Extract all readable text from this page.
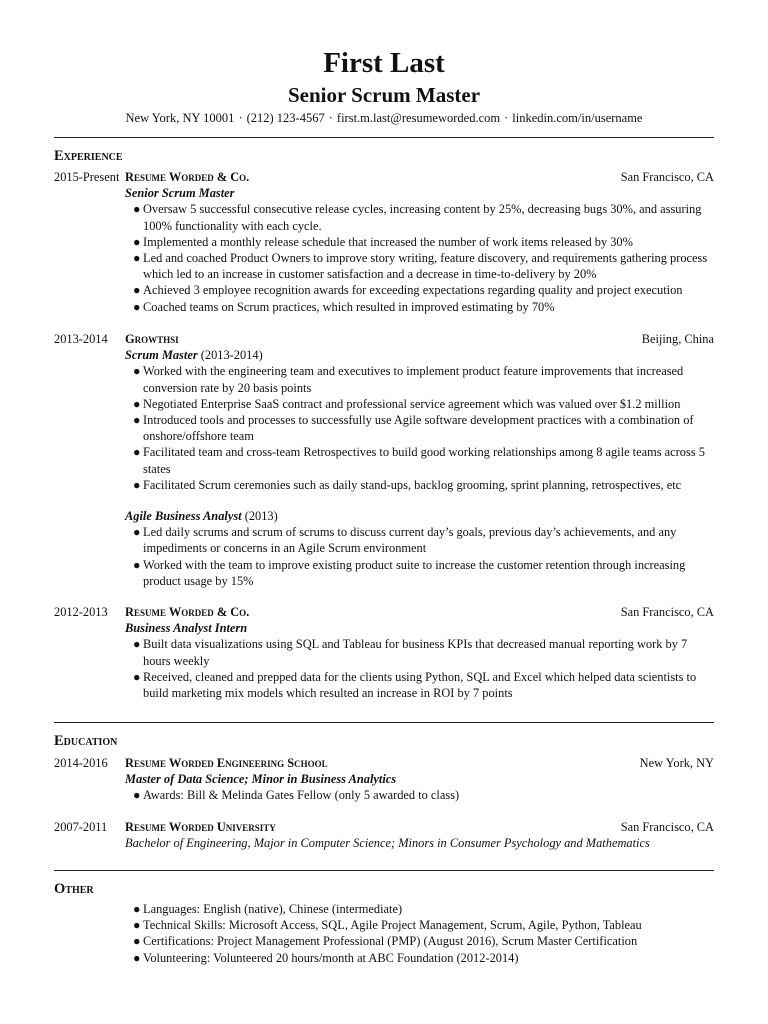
First Last
Senior Scrum Master
New York, NY 10001 · (212) 123-4567 · first.m.last@resumeworded.com · linkedin.com/in/username
Experience
2015-Present Resume Worded & Co.	San Francisco, CA
Senior Scrum Master
● Oversaw 5 successful consecutive release cycles, increasing content by 25%, decreasing bugs 30%, and assuring 100% functionality with each cycle.
● Implemented a monthly release schedule that increased the number of work items released by 30%
● Led and coached Product Owners to improve story writing, feature discovery, and requirements gathering process which led to an increase in customer satisfaction and a decrease in time-to-delivery by 20%
● Achieved 3 employee recognition awards for exceeding expectations regarding quality and project execution
● Coached teams on Scrum practices, which resulted in improved estimating by 70%
2013-2014 Growthsi	Beijing, China
Scrum Master (2013-2014)
● Worked with the engineering team and executives to implement product feature improvements that increased conversion rate by 20 basis points
● Negotiated Enterprise SaaS contract and professional service agreement which was valued over $1.2 million
● Introduced tools and processes to successfully use Agile software development practices with a combination of onshore/offshore team
● Facilitated team and cross-team Retrospectives to build good working relationships among 8 agile teams across 5 states
● Facilitated Scrum ceremonies such as daily stand-ups, backlog grooming, sprint planning, retrospectives, etc
Agile Business Analyst (2013)
● Led daily scrums and scrum of scrums to discuss current day’s goals, previous day’s achievements, and any impediments or concerns in an Agile Scrum environment
● Worked with the team to improve existing product suite to increase the customer retention through increasing product usage by 15%
2012-2013 Resume Worded & Co.	San Francisco, CA
Business Analyst Intern
● Built data visualizations using SQL and Tableau for business KPIs that decreased manual reporting work by 7 hours weekly
● Received, cleaned and prepped data for the clients using Python, SQL and Excel which helped data scientists to build marketing mix models which resulted an increase in ROI by 7 points
Education
2014-2016 Resume Worded Engineering School	New York, NY
Master of Data Science; Minor in Business Analytics
● Awards: Bill & Melinda Gates Fellow (only 5 awarded to class)
2007-2011 Resume Worded University	San Francisco, CA
Bachelor of Engineering, Major in Computer Science; Minors in Consumer Psychology and Mathematics
Other
● Languages: English (native), Chinese (intermediate)
● Technical Skills: Microsoft Access, SQL, Agile Project Management, Scrum, Agile, Python, Tableau
● Certifications: Project Management Professional (PMP) (August 2016), Scrum Master Certification
● Volunteering: Volunteered 20 hours/month at ABC Foundation (2012-2014)
